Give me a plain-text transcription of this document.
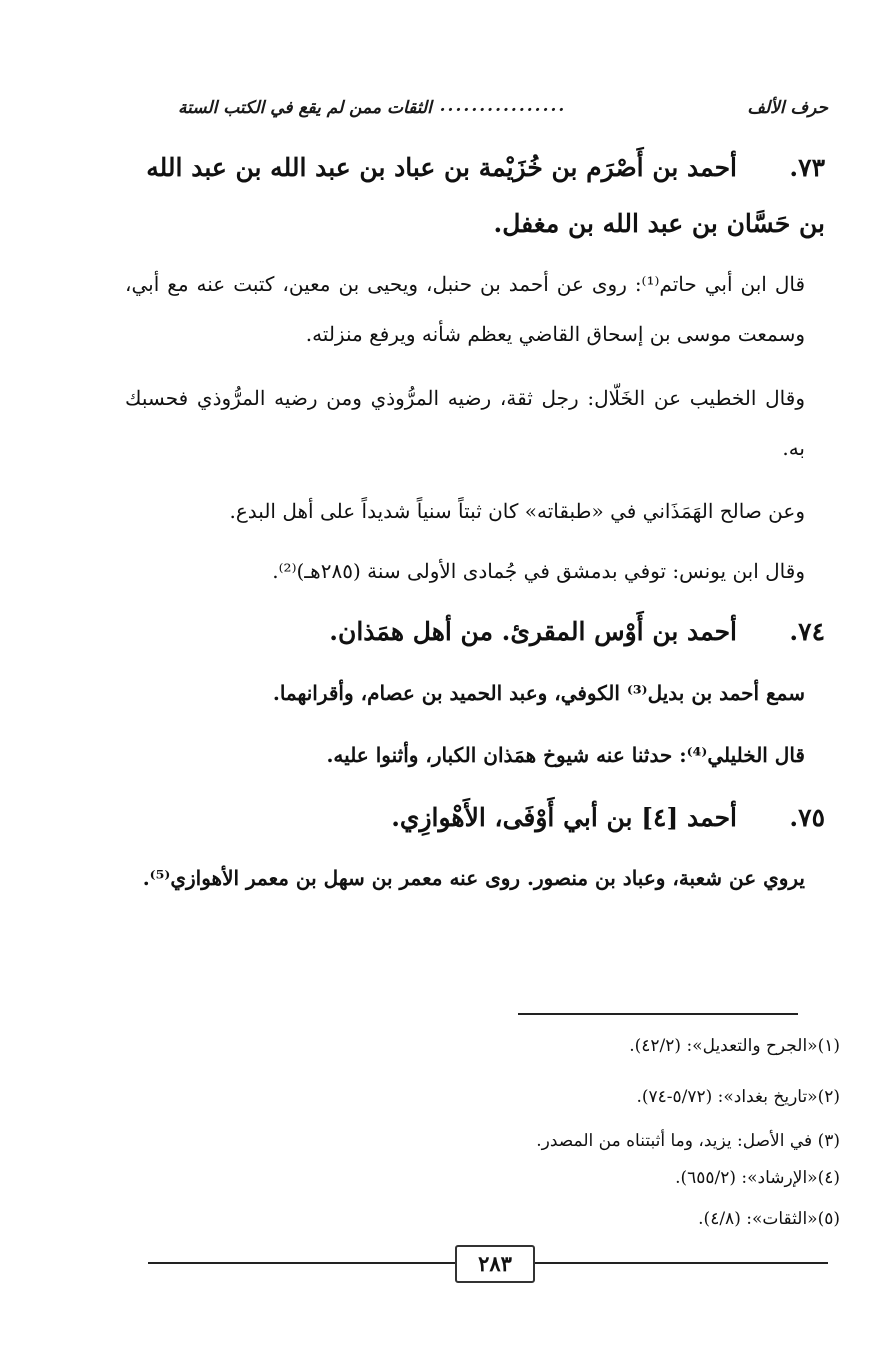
حرف الألف
................
الثقات ممن لم يقع في الكتب الستة
٧٣.أحمد بن أَصْرَم بن خُزَيْمة بن عباد بن عبد الله بن عبد الله بن حَسَّان بن عبد الله بن مغفل.
قال ابن أبي حاتم⁽¹⁾: روى عن أحمد بن حنبل، ويحيى بن معين، كتبت عنه مع أبي، وسمعت موسى بن إسحاق القاضي يعظم شأنه ويرفع منزلته.
وقال الخطيب عن الخَلّال: رجل ثقة، رضيه المرُّوذي ومن رضيه المرُّوذي فحسبك به.
وعن صالح الهَمَذَاني في «طبقاته» كان ثبتاً سنياً شديداً على أهل البدع.
وقال ابن يونس: توفي بدمشق في جُمادى الأولى سنة (٢٨٥هـ)⁽²⁾.
٧٤.أحمد بن أَوْس المقرئ. من أهل همَذان.
سمع أحمد بن بديل⁽³⁾ الكوفي، وعبد الحميد بن عصام، وأقرانهما.
قال الخليلي⁽⁴⁾: حدثنا عنه شيوخ همَذان الكبار، وأثنوا عليه.
٧٥.أحمد [٤] بن أبي أَوْفَى، الأَهْوازِي.
يروي عن شعبة، وعباد بن منصور. روى عنه معمر بن سهل بن معمر الأهوازي⁽⁵⁾.
(١)«الجرح والتعديل»: (٤٢/٢).
(٢)«تاريخ بغداد»: (٥/٧٢-٧٤).
(٣) في الأصل: يزيد، وما أثبتناه من المصدر.
(٤)«الإرشاد»: (٦٥٥/٢).
(٥)«الثقات»: (٤/٨).
٢٨٣
